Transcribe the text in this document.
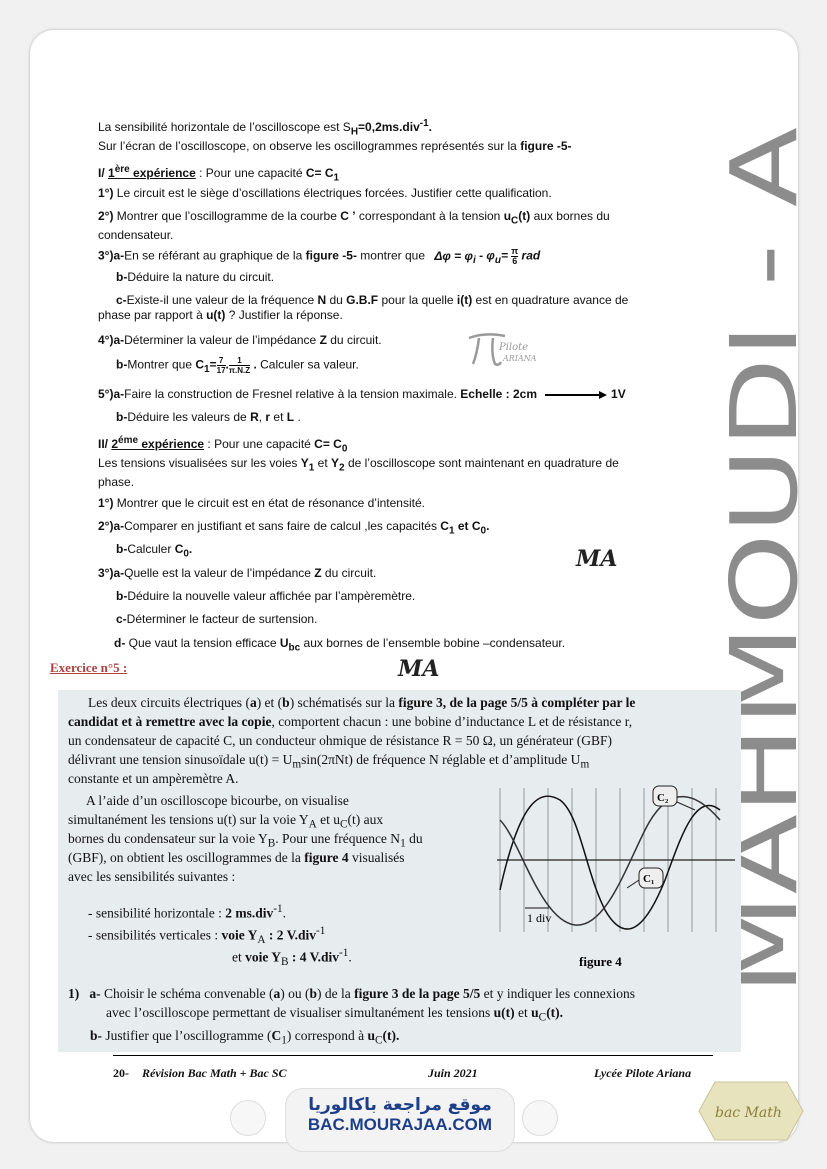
MAHMOUDI - A
La sensibilité horizontale de l’oscilloscope est $S_H=0,2ms.div^{-1}$.
Sur l’écran de l’oscilloscope, on observe les oscillogrammes représentés sur la figure -5-
I/ 1ère expérience : Pour une capacité $C= C_1$
1°) Le circuit est le siège d’oscillations électriques forcées. Justifier cette qualification.
2°) Montrer que l’oscillogramme de la courbe C ’ correspondant à la tension $u_C(t)$ aux bornes du
condensateur.
3°)a-En se référant au graphique de la figure -5- montrer que $\Delta\varphi = \varphi_i - \varphi_u= \frac{\pi}{6}$ rad
b-Déduire la nature du circuit.
c-Existe-il une valeur de la fréquence N du G.B.F pour la quelle i(t) est en quadrature avance de
phase par rapport à u(t) ? Justifier la réponse.
4°)a-Déterminer la valeur de l’impédance Z du circuit.
b-Montrer que $C_1= \frac{7}{17}$ . $\frac{1}{\pi.N.Z}$ . Calculer sa valeur.
5°)a-Faire la construction de Fresnel relative à la tension maximale. Echelle : 2cm	1V
b-Déduire les valeurs de R, r et L .
II/ $2^{éme}$ expérience : Pour une capacité $C= C_0$
Les tensions visualisées sur les voies $Y_1$ et $Y_2$ de l’oscilloscope sont maintenant en quadrature de
phase.
1°) Montrer que le circuit est en état de résonance d’intensité.
2°)a-Comparer en justifiant et sans faire de calcul ,les capacités $C_1$ et $C_0$.
b-Calculer $C_0$.
3°)a-Quelle est la valeur de l’impédance Z du circuit.
b-Déduire la nouvelle valeur affichée par l’ampèremètre.
c-Déterminer le facteur de surtension.
d- Que vaut la tension efficace $U_{bc}$ aux bornes de l’ensemble bobine –condensateur.
Pilote
ARIANA
MA
MA
Exercice n°5 :
Les deux circuits électriques (a) et (b) schématisés sur la figure 3, de la page 5/5 à compléter par le
candidat et à remettre avec la copie, comportent chacun : une bobine d’inductance L et de résistance r,
un condensateur de capacité C, un conducteur ohmique de résistance R = 50 Ω, un générateur (GBF)
délivrant une tension sinusoïdale $u(t) = U_m\sin(2\pi Nt)$ de fréquence N réglable et d’amplitude $U_m$
constante et un ampèremètre A.
A l’aide d’un oscilloscope bicourbe, on visualise
simultanément les tensions u(t) sur la voie $Y_A$ et $u_C(t)$ aux
bornes du condensateur sur la voie $Y_B$. Pour une fréquence $N_1$ du
(GBF), on obtient les oscillogrammes de la figure 4 visualisés
avec les sensibilités suivantes :
- sensibilité horizontale : 2 ms.div$^{-1}$.
- sensibilités verticales : voie $Y_A$ : 2 V.div$^{-1}$
et voie $Y_B$ : 4 V.div$^{-1}$.
1) a- Choisir le schéma convenable (a) ou (b) de la figure 3 de la page 5/5 et y indiquer les connexions
avec l’oscilloscope permettant de visualiser simultanément les tensions u(t) et $u_C(t)$.
b- Justifier que l’oscillogramme $(C_1)$ correspond à $u_C(t)$.
C₂
C₁
1 div
figure 4
20- Révision Bac Math + Bac SC	Juin 2021	Lycée Pilote Ariana
موقع مراجعة باكالوريا
BAC.MOURAJAA.COM
bac Math
